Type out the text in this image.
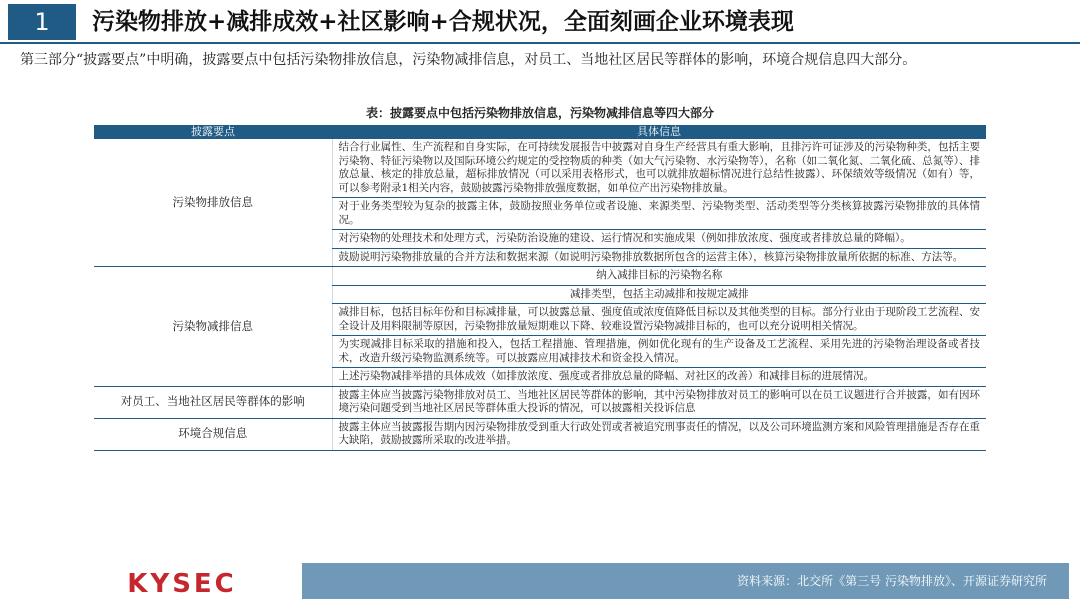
1	污染物排放+减排成效+社区影响+合规状况，全面刻画企业环境表现
第三部分“披露要点”中明确，披露要点中包括污染物排放信息，污染物减排信息，对员工、当地社区居民等群体的影响，环境合规信息四大部分。
表：披露要点中包括污染物排放信息，污染物减排信息等四大部分
披露要点	具体信息
污染物排放信息	结合行业属性、生产流程和自身实际，在可持续发展报告中披露对自身生产经营具有重大影响，且排污许可证涉及的污染物种类，包括主要污染物、特征污染物以及国际环境公约规定的受控物质的种类（如大气污染物、水污染物等），名称（如二氧化氮、二氧化硫、总氮等）、排放总量、核定的排放总量，超标排放情况（可以采用表格形式，也可以就排放超标情况进行总结性披露）、环保绩效等级情况（如有）等，可以参考附录1相关内容，鼓励披露污染物排放强度数据，如单位产出污染物排放量。
	对于业务类型较为复杂的披露主体，鼓励按照业务单位或者设施、来源类型、污染物类型、活动类型等分类核算披露污染物排放的具体情况。
	对污染物的处理技术和处理方式，污染防治设施的建设、运行情况和实施成果（例如排放浓度、强度或者排放总量的降幅）。
	鼓励说明污染物排放量的合并方法和数据来源（如说明污染物排放数据所包含的运营主体），核算污染物排放量所依据的标准、方法等。
污染物减排信息	纳入减排目标的污染物名称
	减排类型，包括主动减排和按规定减排
	减排目标，包括目标年份和目标减排量，可以披露总量、强度值或浓度值降低目标以及其他类型的目标。部分行业由于现阶段工艺流程、安全设计及用料限制等原因，污染物排放量短期难以下降、较难设置污染物减排目标的，也可以充分说明相关情况。
	为实现减排目标采取的措施和投入，包括工程措施、管理措施，例如优化现有的生产设备及工艺流程、采用先进的污染物治理设备或者技术，改造升级污染物监测系统等。可以披露应用减排技术和资金投入情况。
	上述污染物减排举措的具体成效（如排放浓度、强度或者排放总量的降幅、对社区的改善）和减排目标的进展情况。
对员工、当地社区居民等群体的影响	披露主体应当披露污染物排放对员工、当地社区居民等群体的影响，其中污染物排放对员工的影响可以在员工议题进行合并披露，如有因环境污染问题受到当地社区居民等群体重大投诉的情况，可以披露相关投诉信息
环境合规信息	披露主体应当披露报告期内因污染物排放受到重大行政处罚或者被追究刑事责任的情况，以及公司环境监测方案和风险管理措施是否存在重大缺陷，鼓励披露所采取的改进举措。
KYSEC	资料来源：北交所《第三号 污染物排放》、开源证券研究所
